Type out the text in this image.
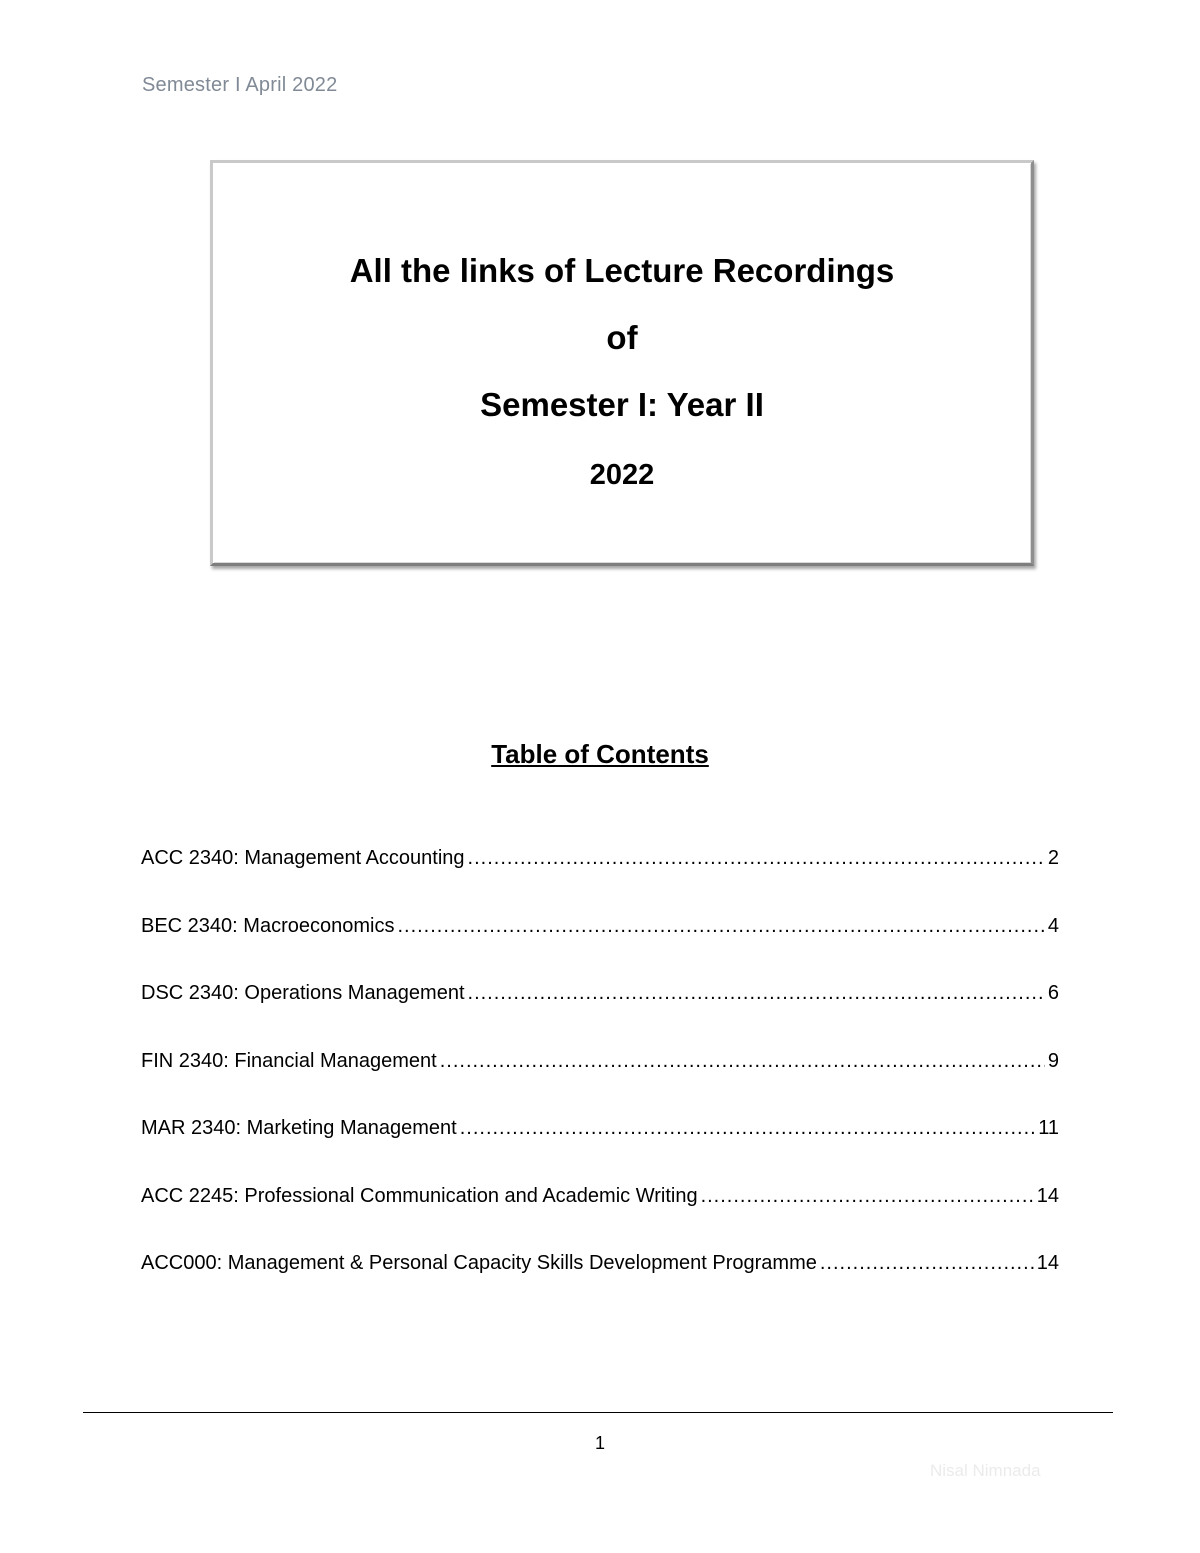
Semester I April 2022
All the links of Lecture Recordings
of
Semester I: Year II
2022
Table of Contents
ACC 2340: Management Accounting .....	2
BEC 2340: Macroeconomics .....	4
DSC 2340: Operations Management .....	6
FIN 2340: Financial Management .....	9
MAR 2340: Marketing Management .....	11
ACC 2245: Professional Communication and Academic Writing .....	14
ACC000: Management & Personal Capacity Skills Development Programme .....	14
1
Nisal Nimnada
